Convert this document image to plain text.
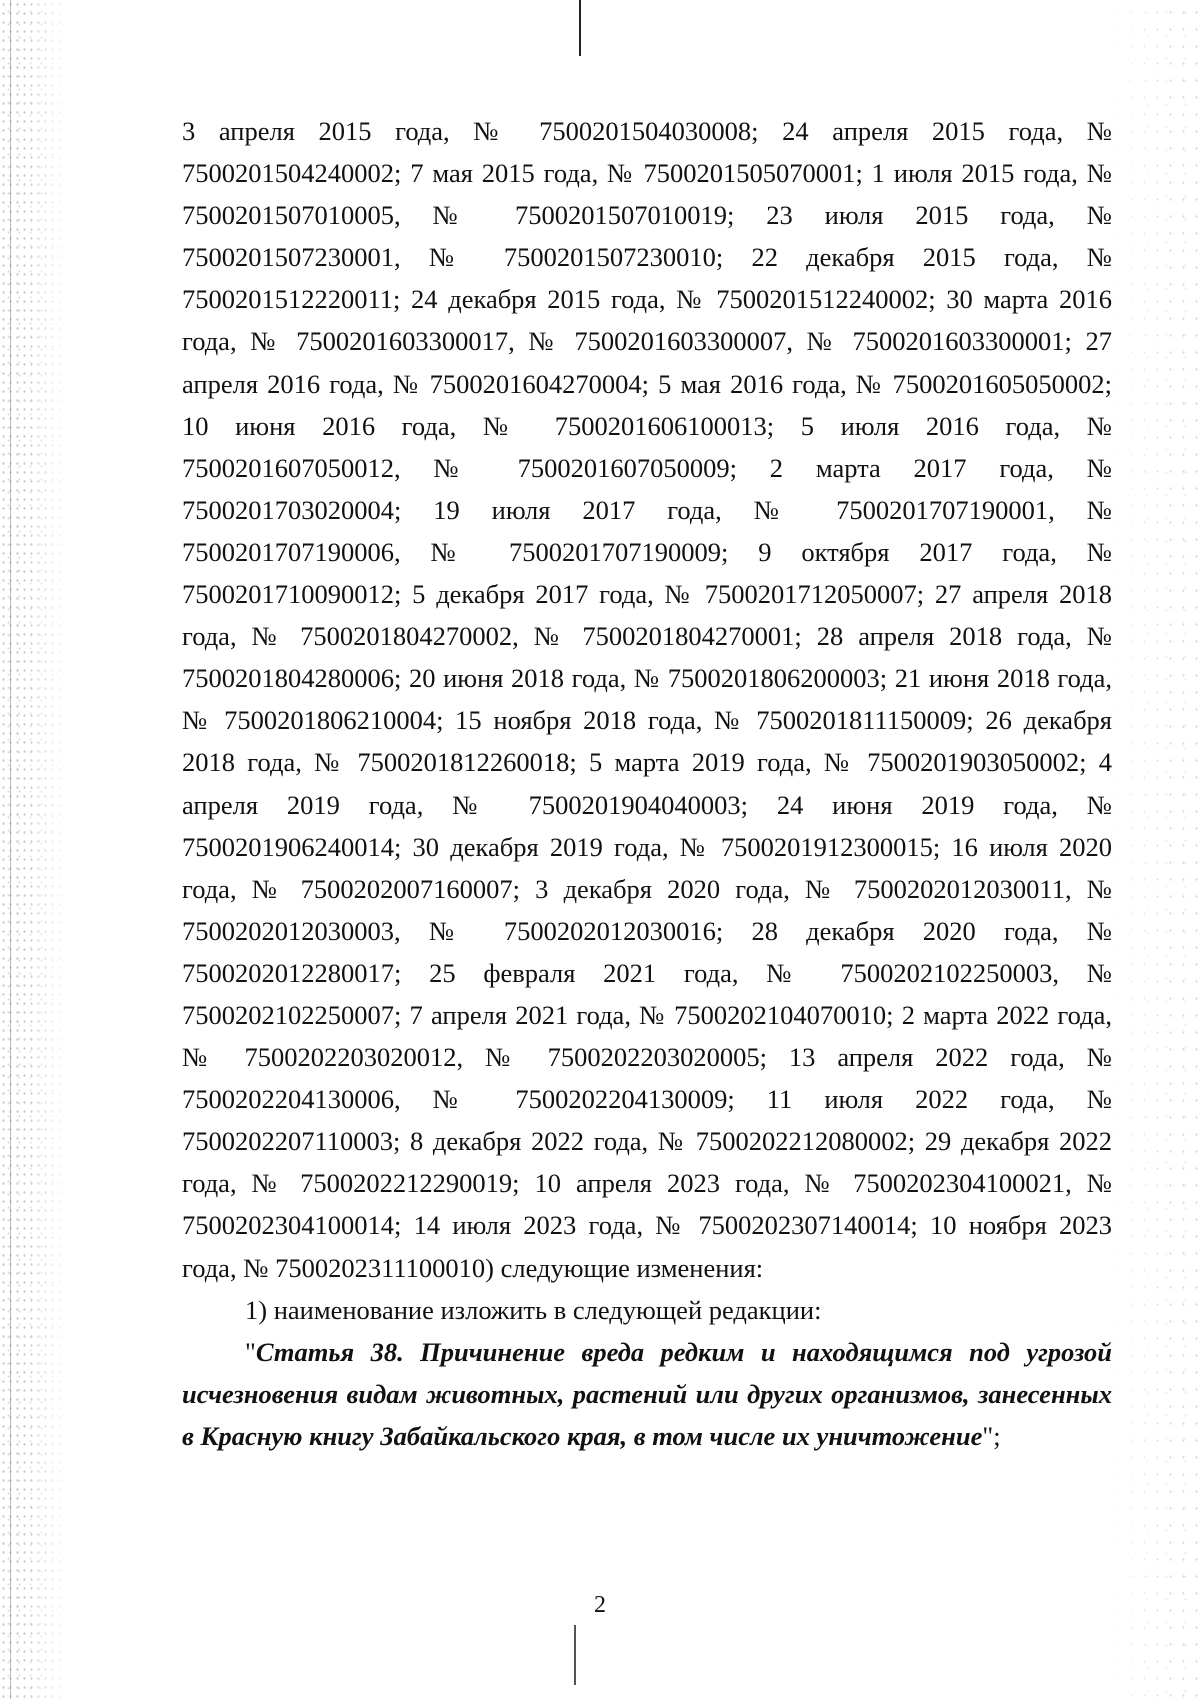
3 апреля 2015 года, № 7500201504030008; 24 апреля 2015 года, № 7500201504240002; 7 мая 2015 года, № 7500201505070001; 1 июля 2015 года, № 7500201507010005, № 7500201507010019; 23 июля 2015 года, № 7500201507230001, № 7500201507230010; 22 декабря 2015 года, № 7500201512220011; 24 декабря 2015 года, № 7500201512240002; 30 марта 2016 года, № 7500201603300017, № 7500201603300007, № 7500201603300001; 27 апреля 2016 года, № 7500201604270004; 5 мая 2016 года, № 7500201605050002; 10 июня 2016 года, № 7500201606100013; 5 июля 2016 года, № 7500201607050012, № 7500201607050009; 2 марта 2017 года, № 7500201703020004; 19 июля 2017 года, № 7500201707190001, № 7500201707190006, № 7500201707190009; 9 октября 2017 года, № 7500201710090012; 5 декабря 2017 года, № 7500201712050007; 27 апреля 2018 года, № 7500201804270002, № 7500201804270001; 28 апреля 2018 года, № 7500201804280006; 20 июня 2018 года, № 7500201806200003; 21 июня 2018 года, № 7500201806210004; 15 ноября 2018 года, № 7500201811150009; 26 декабря 2018 года, № 7500201812260018; 5 марта 2019 года, № 7500201903050002; 4 апреля 2019 года, № 7500201904040003; 24 июня 2019 года, № 7500201906240014; 30 декабря 2019 года, № 7500201912300015; 16 июля 2020 года, № 7500202007160007; 3 декабря 2020 года, № 7500202012030011, № 7500202012030003, № 7500202012030016; 28 декабря 2020 года, № 7500202012280017; 25 февраля 2021 года, № 7500202102250003, № 7500202102250007; 7 апреля 2021 года, № 7500202104070010; 2 марта 2022 года, № 7500202203020012, № 7500202203020005; 13 апреля 2022 года, № 7500202204130006, № 7500202204130009; 11 июля 2022 года, № 7500202207110003; 8 декабря 2022 года, № 7500202212080002; 29 декабря 2022 года, № 7500202212290019; 10 апреля 2023 года, № 7500202304100021, № 7500202304100014; 14 июля 2023 года, № 7500202307140014; 10 ноября 2023 года, № 7500202311100010) следующие изменения:

1) наименование изложить в следующей редакции:

"Статья 38. Причинение вреда редким и находящимся под угрозой исчезновения видам животных, растений или других организмов, занесенных в Красную книгу Забайкальского края, в том числе их уничтожение";

2
